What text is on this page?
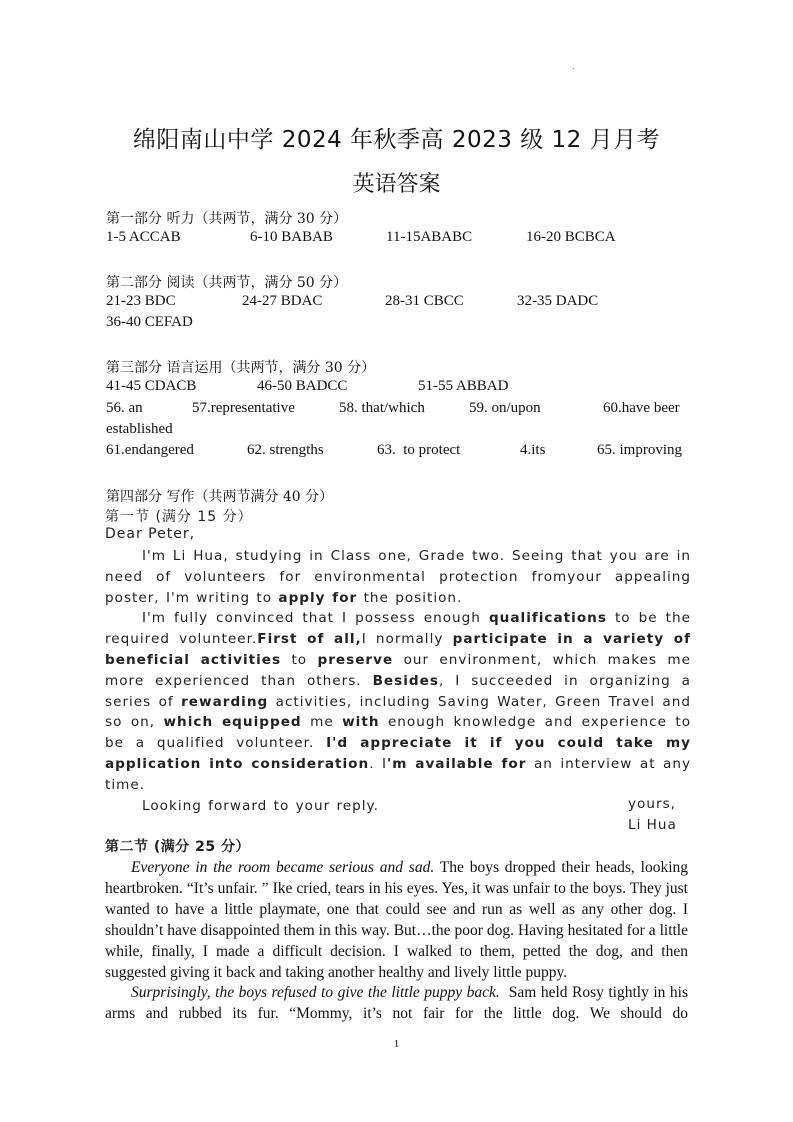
.
绵阳南山中学 2024 年秋季高 2023 级 12 月月考
英语答案
第一部分 听力（共两节，满分 30 分）
1-5 ACCAB	6-10 BABAB	11-15ABABC	16-20 BCBCA
第二部分 阅读（共两节，满分 50 分）
21-23 BDC	24-27 BDAC	28-31 CBCC	32-35 DADC
36-40 CEFAD
第三部分 语言运用（共两节，满分 30 分）
41-45 CDACB	46-50 BADCC	51-55 ABBAD
56. an	57.representative	58. that/which	59. on/upon	60.have beer
established
61.endangered	62. strengths	63.  to protect	4.its	65. improving
第四部分 写作（共两节满分 40 分）
第一节 (满分 15 分）
Dear Peter,

I'm Li Hua, studying in Class one, Grade two. Seeing that you are in need of volunteers for environmental protection fromyour appealing poster, I'm writing to apply for the position.

I'm fully convinced that I possess enough qualifications to be the required volunteer.First of all,I normally participate in a variety of beneficial activities to preserve our environment, which makes me more experienced than others. Besides, I succeeded in organizing a series of rewarding activities, including Saving Water, Green Travel and so on, which equipped me with enough knowledge and experience to be a qualified volunteer. I'd appreciate it if you could take my application into consideration. I'm available for an interview at any time.

Looking forward to your reply.	yours,
Li Hua
第二节 (满分 25 分）

Everyone in the room became serious and sad. The boys dropped their heads, looking heartbroken. “It’s unfair. ” Ike cried, tears in his eyes. Yes, it was unfair to the boys. They just wanted to have a little playmate, one that could see and run as well as any other dog. I shouldn’t have disappointed them in this way. But…the poor dog. Having hesitated for a little while, finally, I made a difficult decision. I walked to them, petted the dog, and then suggested giving it back and taking another healthy and lively little puppy.

Surprisingly, the boys refused to give the little puppy back.  Sam held Rosy tightly in his arms and rubbed its fur. “Mommy, it’s not fair for the little dog. We should do

1
